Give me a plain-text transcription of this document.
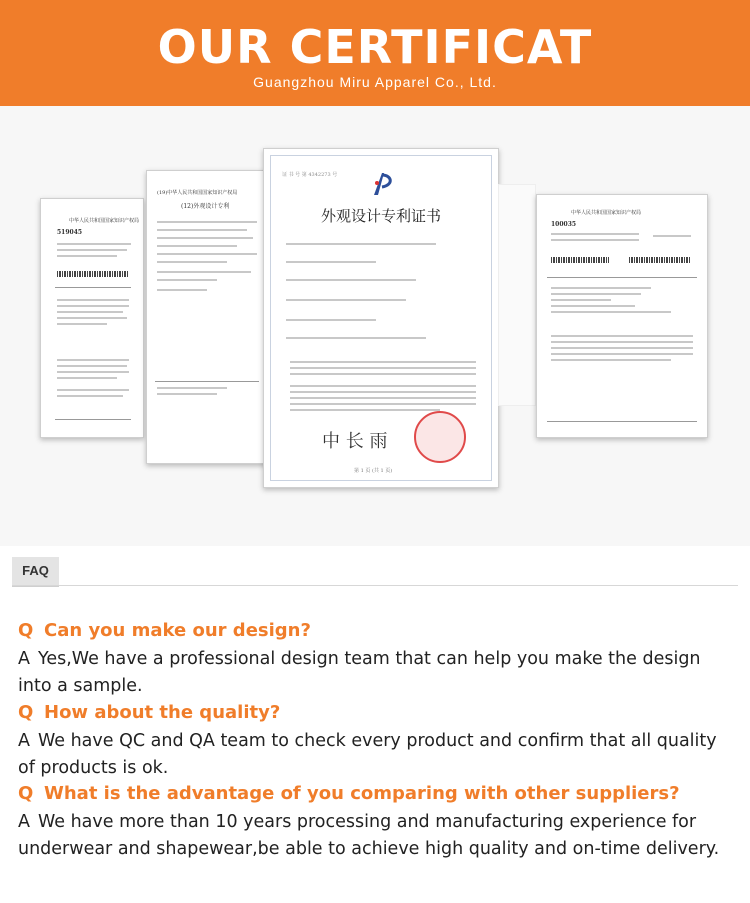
OUR CERTIFICAT
Guangzhou Miru Apparel Co., Ltd.
中华人民共和国国家知识产权局
519045
(19)中华人民共和国国家知识产权局
(12)外观设计专利
证 书 号 第 4342273 号
外观设计专利证书
中 长 雨
第 1 页 (共 1 页)
中华人民共和国国家知识产权局
100035
FAQ
Q Can you make our design?
A Yes,We have a professional design team that can help you make the design into a sample.
Q How about the quality?
A We have QC and QA team to check every product and confirm that all quality of products is ok.
Q What is the advantage of you comparing with other suppliers?
A We have more than 10 years processing and manufacturing experience for underwear and shapewear,be able to achieve high quality and on-time delivery.
